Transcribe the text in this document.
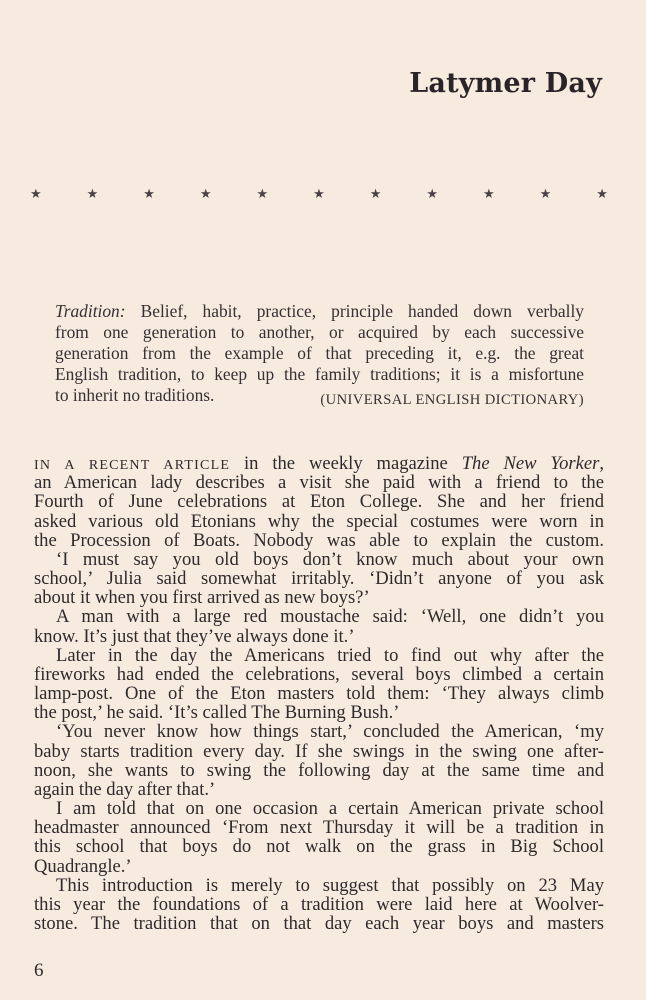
Latymer Day
★	★	★	★	★	★	★	★	★	★	★
Tradition: Belief, habit, practice, principle handed down verbally
from one generation to another, or acquired by each successive
generation from the example of that preceding it, e.g. the great
English tradition, to keep up the family traditions; it is a misfortune
to inherit no traditions.	(UNIVERSAL ENGLISH DICTIONARY)
IN A RECENT ARTICLE in the weekly magazine The New Yorker,
an American lady describes a visit she paid with a friend to the
Fourth of June celebrations at Eton College. She and her friend
asked various old Etonians why the special costumes were worn in
the Procession of Boats. Nobody was able to explain the custom.
‘I must say you old boys don’t know much about your own
school,’ Julia said somewhat irritably. ‘Didn’t anyone of you ask
about it when you first arrived as new boys?’
A man with a large red moustache said: ‘Well, one didn’t you
know. It’s just that they’ve always done it.’
Later in the day the Americans tried to find out why after the
fireworks had ended the celebrations, several boys climbed a certain
lamp-post. One of the Eton masters told them: ‘They always climb
the post,’ he said. ‘It’s called The Burning Bush.’
‘You never know how things start,’ concluded the American, ‘my
baby starts tradition every day. If she swings in the swing one after-
noon, she wants to swing the following day at the same time and
again the day after that.’
I am told that on one occasion a certain American private school
headmaster announced ‘From next Thursday it will be a tradition in
this school that boys do not walk on the grass in Big School
Quadrangle.’
This introduction is merely to suggest that possibly on 23 May
this year the foundations of a tradition were laid here at Woolver-
stone. The tradition that on that day each year boys and masters
6
